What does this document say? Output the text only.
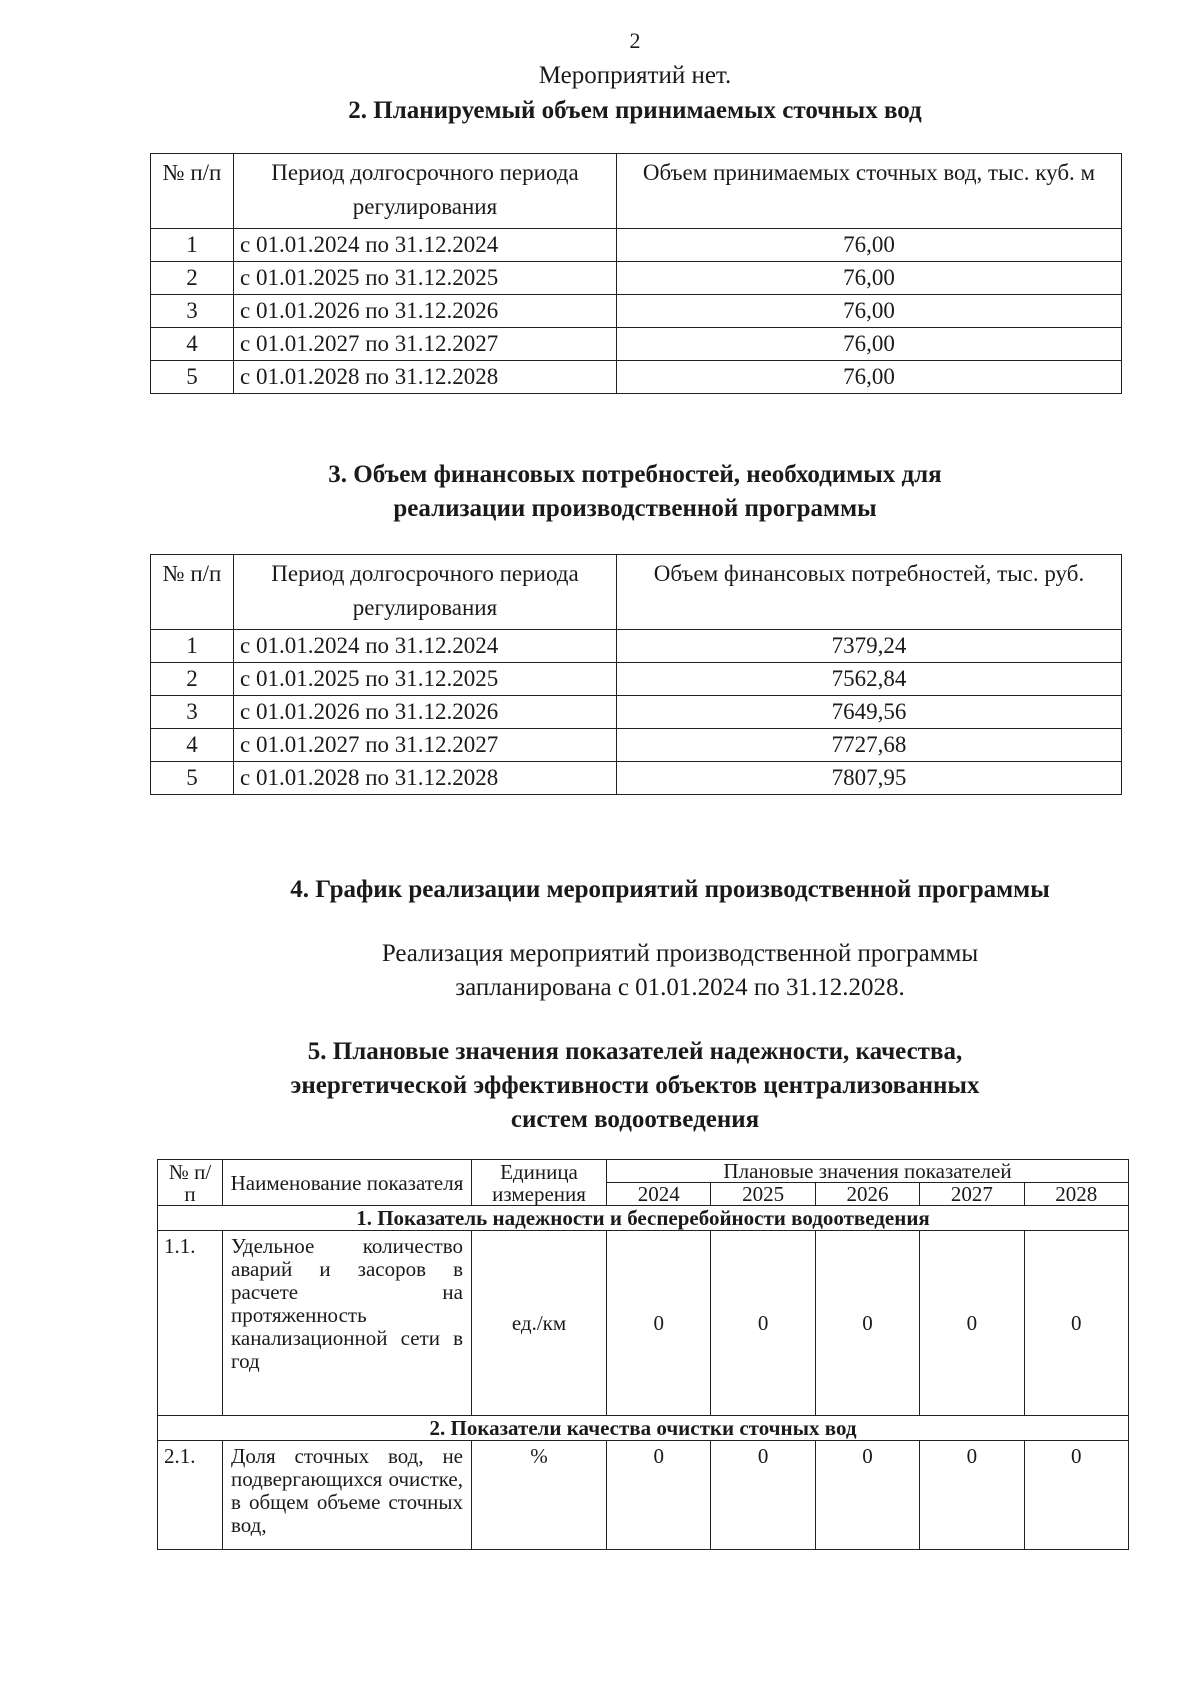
2
Мероприятий нет.
2. Планируемый объем принимаемых сточных вод
№ п/п	Период долгосрочного периода регулирования	Объем принимаемых сточных вод, тыс. куб. м
1	с 01.01.2024 по 31.12.2024	76,00
2	с 01.01.2025 по 31.12.2025	76,00
3	с 01.01.2026 по 31.12.2026	76,00
4	с 01.01.2027 по 31.12.2027	76,00
5	с 01.01.2028 по 31.12.2028	76,00
3. Объем финансовых потребностей, необходимых для
реализации производственной программы
№ п/п	Период долгосрочного периода регулирования	Объем финансовых потребностей, тыс. руб.
1	с 01.01.2024 по 31.12.2024	7379,24
2	с 01.01.2025 по 31.12.2025	7562,84
3	с 01.01.2026 по 31.12.2026	7649,56
4	с 01.01.2027 по 31.12.2027	7727,68
5	с 01.01.2028 по 31.12.2028	7807,95
4. График реализации мероприятий производственной программы
Реализация мероприятий производственной программы
запланирована с 01.01.2024 по 31.12.2028.
5. Плановые значения показателей надежности, качества,
энергетической эффективности объектов централизованных
систем водоотведения
№ п/п	Наименование показателя	Единица измерения	Плановые значения показателей				
			2024	2025	2026	2027	2028
1. Показатель надежности и бесперебойности водоотведения							
1.1.	Удельное количество аварий и засоров в расчете на протяженность канализационной сети в год	ед./км	0	0	0	0	0
2. Показатели качества очистки сточных вод							
2.1.	Доля сточных вод, не подвергающихся очистке, в общем объеме сточных вод,	%	0	0	0	0	0
